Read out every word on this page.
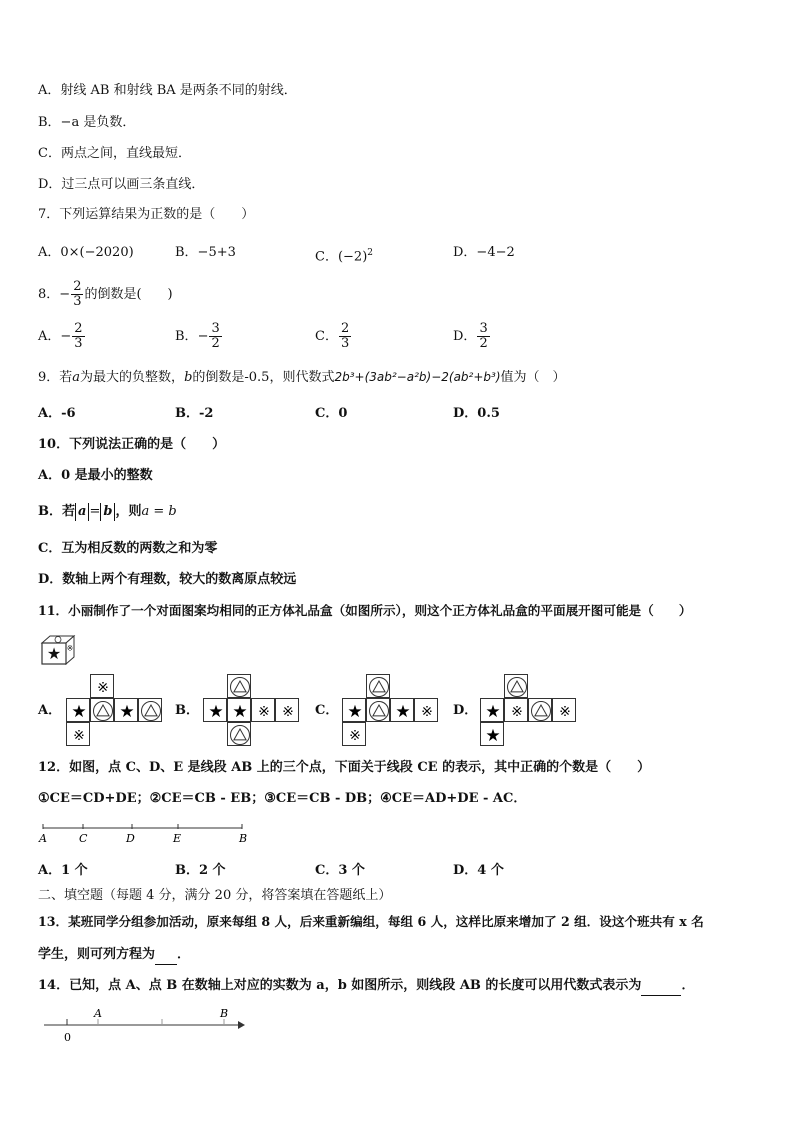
A．射线 AB 和射线 BA 是两条不同的射线．
B．−a 是负数．
C．两点之间，直线最短．
D．过三点可以画三条直线．
7．下列运算结果为正数的是（　　）
A．0×(−2020)	B．−5+3	C．$(-2)^2$	D．−4−2
8． − $\frac{2}{3}$ 的倒数是(　　)
A． − $\frac{2}{3}$	B． − $\frac{3}{2}$	C． $\frac{2}{3}$	D． $\frac{3}{2}$
9．若a为最大的负整数，b的倒数是-0.5，则代数式2b³+(3ab²−a²b)−2(ab²+b³)值为（　）
A．-6	B．-2	C．0	D．0.5
10．下列说法正确的是（　　）
A．0 是最小的整数
B．若 a = b ，则a = b
C．互为相反数的两数之和为零
D．数轴上两个有理数，较大的数离原点较远
11．小丽制作了一个对面图案均相同的正方体礼品盒（如图所示），则这个正方体礼品盒的平面展开图可能是（　　）
★ ※
A．
※
★ ★
※
B． ★ ★ ※ ※ C． ★ ★ ※
※
D． ★ ※	※
★
12．如图，点 C、D、E 是线段 AB 上的三个点，下面关于线段 CE 的表示，其中正确的个数是（　　）
①CE＝CD+DE；②CE＝CB - EB；③CE＝CB - DB；④CE＝AD+DE - AC．
A	C	D	E	B
A．1 个	B．2 个	C．3 个	D．4 个
二、填空题（每题 4 分，满分 20 分，将答案填在答题纸上）
13．某班同学分组参加活动，原来每组 8 人，后来重新编组，每组 6 人，这样比原来增加了 2 组．设这个班共有 x 名
学生，则可列方程为 ．
14．已知，点 A、点 B 在数轴上对应的实数为 a，b 如图所示，则线段 AB 的长度可以用代数式表示为	．
0
A	B
